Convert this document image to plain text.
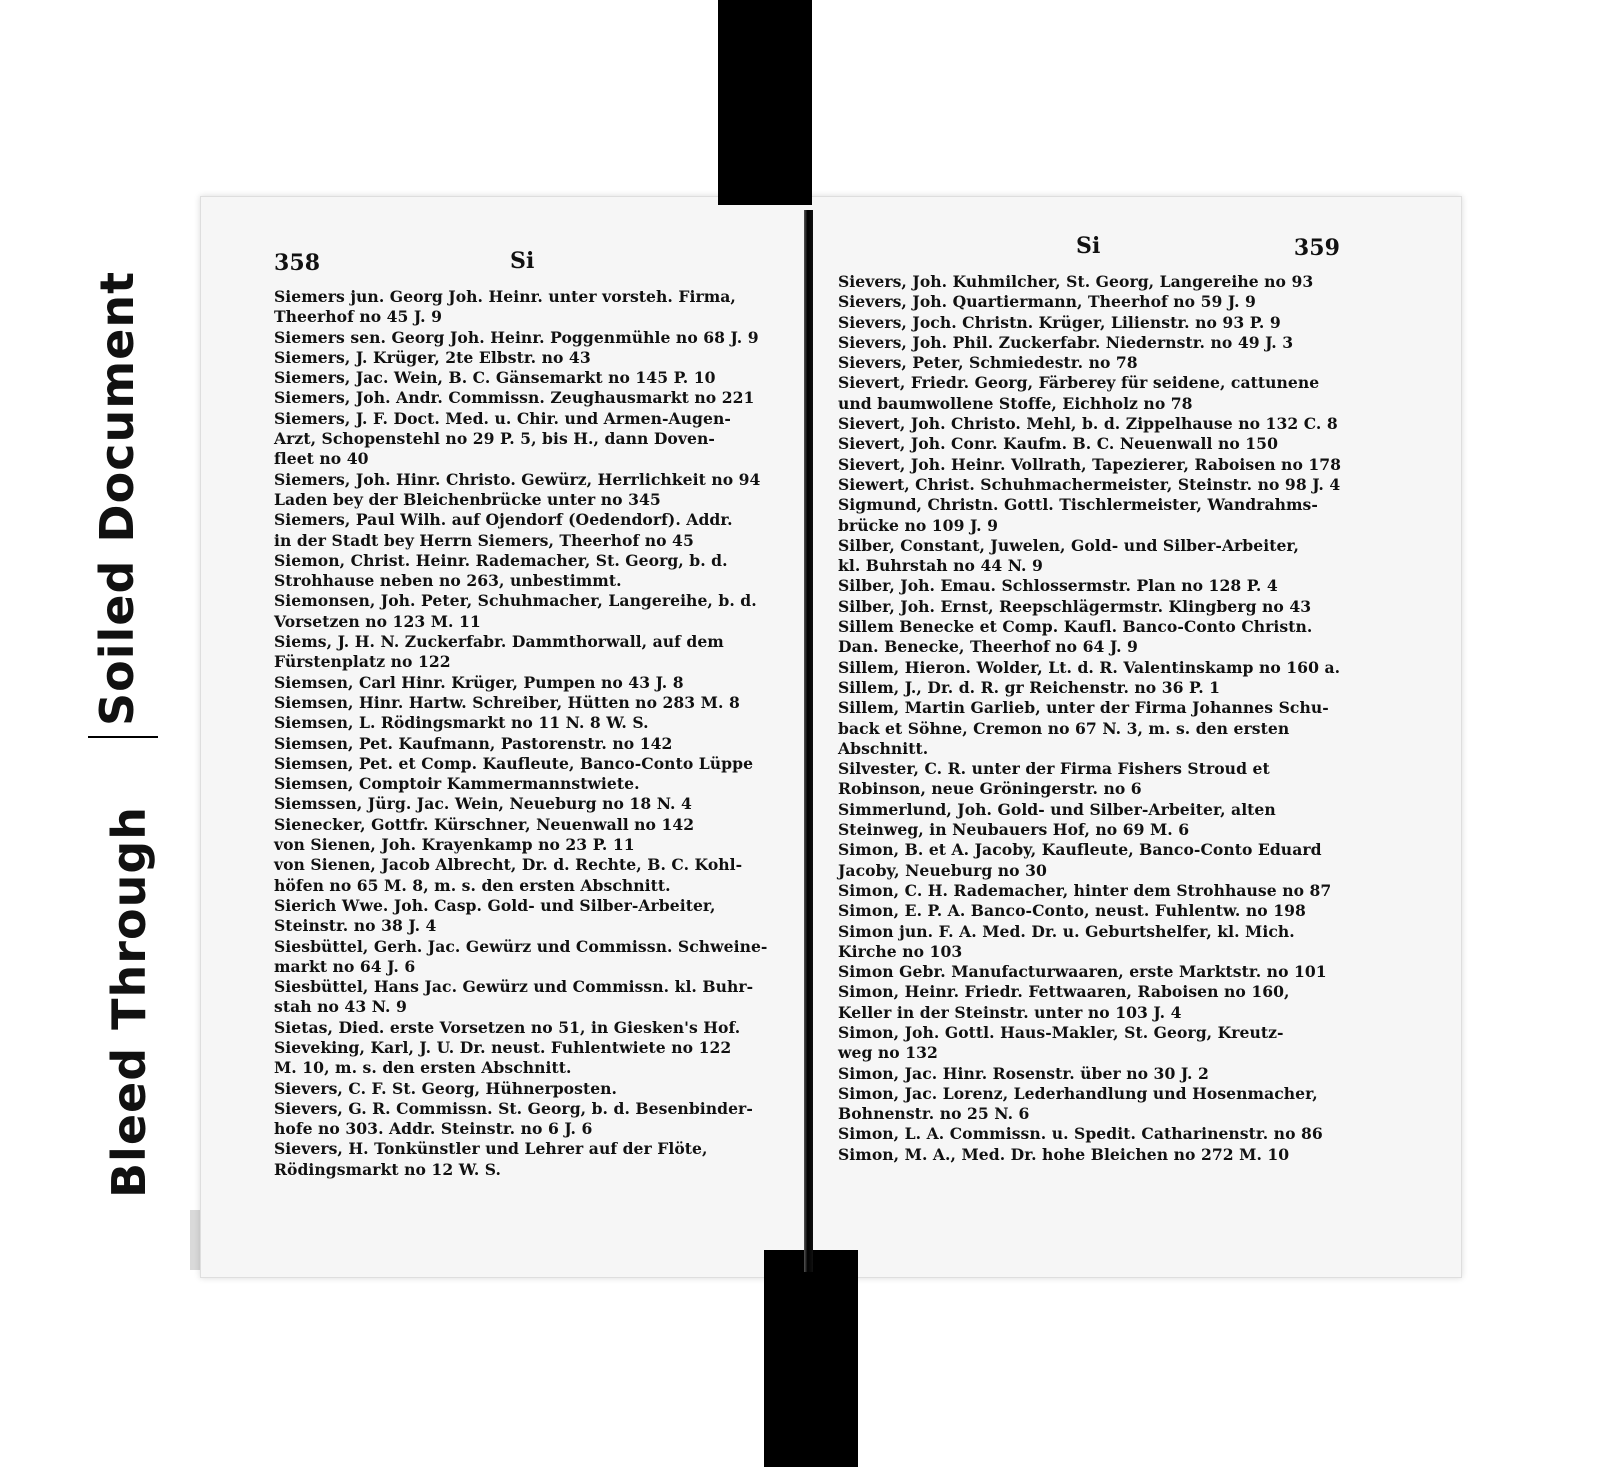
Bleed Through
Soiled Document
358	Si

Siemers jun. Georg Joh. Heinr. unter vorsteh. Firma,
Theerhof no 45 J. 9

Siemers sen. Georg Joh. Heinr. Poggenmühle no 68 J. 9

Siemers, J. Krüger, 2te Elbstr. no 43

Siemers, Jac. Wein, B. C. Gänsemarkt no 145 P. 10

Siemers, Joh. Andr. Commissn. Zeughausmarkt no 221

Siemers, J. F. Doct. Med. u. Chir. und Armen-Augen-
Arzt, Schopenstehl no 29 P. 5, bis H., dann Doven-
fleet no 40

Siemers, Joh. Hinr. Christo. Gewürz, Herrlichkeit no 94
Laden bey der Bleichenbrücke unter no 345

Siemers, Paul Wilh. auf Ojendorf (Oedendorf). Addr.
in der Stadt bey Herrn Siemers, Theerhof no 45

Siemon, Christ. Heinr. Rademacher, St. Georg, b. d.
Strohhause neben no 263, unbestimmt.

Siemonsen, Joh. Peter, Schuhmacher, Langereihe, b. d.
Vorsetzen no 123 M. 11

Siems, J. H. N. Zuckerfabr. Dammthorwall, auf dem
Fürstenplatz no 122

Siemsen, Carl Hinr. Krüger, Pumpen no 43 J. 8

Siemsen, Hinr. Hartw. Schreiber, Hütten no 283 M. 8

Siemsen, L. Rödingsmarkt no 11 N. 8 W. S.

Siemsen, Pet. Kaufmann, Pastorenstr. no 142

Siemsen, Pet. et Comp. Kaufleute, Banco-Conto Lüppe
Siemsen, Comptoir Kammermannstwiete.

Siemssen, Jürg. Jac. Wein, Neueburg no 18 N. 4

Sienecker, Gottfr. Kürschner, Neuenwall no 142

von Sienen, Joh. Krayenkamp no 23 P. 11

von Sienen, Jacob Albrecht, Dr. d. Rechte, B. C. Kohl-
höfen no 65 M. 8, m. s. den ersten Abschnitt.

Sierich Wwe. Joh. Casp. Gold- und Silber-Arbeiter,
Steinstr. no 38 J. 4

Siesbüttel, Gerh. Jac. Gewürz und Commissn. Schweine-
markt no 64 J. 6

Siesbüttel, Hans Jac. Gewürz und Commissn. kl. Buhr-
stah no 43 N. 9

Sietas, Died. erste Vorsetzen no 51, in Giesken's Hof.

Sieveking, Karl, J. U. Dr. neust. Fuhlentwiete no 122
M. 10, m. s. den ersten Abschnitt.

Sievers, C. F. St. Georg, Hühnerposten.

Sievers, G. R. Commissn. St. Georg, b. d. Besenbinder-
hofe no 303. Addr. Steinstr. no 6 J. 6

Sievers, H. Tonkünstler und Lehrer auf der Flöte,
Rödingsmarkt no 12 W. S.

Si	359

Sievers, Joh. Kuhmilcher, St. Georg, Langereihe no 93

Sievers, Joh. Quartiermann, Theerhof no 59 J. 9

Sievers, Joch. Christn. Krüger, Lilienstr. no 93 P. 9

Sievers, Joh. Phil. Zuckerfabr. Niedernstr. no 49 J. 3

Sievers, Peter, Schmiedestr. no 78

Sievert, Friedr. Georg, Färberey für seidene, cattunene
und baumwollene Stoffe, Eichholz no 78

Sievert, Joh. Christo. Mehl, b. d. Zippelhause no 132 C. 8

Sievert, Joh. Conr. Kaufm. B. C. Neuenwall no 150

Sievert, Joh. Heinr. Vollrath, Tapezierer, Raboisen no 178

Siewert, Christ. Schuhmachermeister, Steinstr. no 98 J. 4

Sigmund, Christn. Gottl. Tischlermeister, Wandrahms-
brücke no 109 J. 9

Silber, Constant, Juwelen, Gold- und Silber-Arbeiter,
kl. Buhrstah no 44 N. 9

Silber, Joh. Emau. Schlossermstr. Plan no 128 P. 4

Silber, Joh. Ernst, Reepschlägermstr. Klingberg no 43

Sillem Benecke et Comp. Kaufl. Banco-Conto Christn.
Dan. Benecke, Theerhof no 64 J. 9

Sillem, Hieron. Wolder, Lt. d. R. Valentinskamp no 160 a.

Sillem, J., Dr. d. R. gr Reichenstr. no 36 P. 1

Sillem, Martin Garlieb, unter der Firma Johannes Schu-
back et Söhne, Cremon no 67 N. 3, m. s. den ersten
Abschnitt.

Silvester, C. R. unter der Firma Fishers Stroud et
Robinson, neue Gröningerstr. no 6

Simmerlund, Joh. Gold- und Silber-Arbeiter, alten
Steinweg, in Neubauers Hof, no 69 M. 6

Simon, B. et A. Jacoby, Kaufleute, Banco-Conto Eduard
Jacoby, Neueburg no 30

Simon, C. H. Rademacher, hinter dem Strohhause no 87

Simon, E. P. A. Banco-Conto, neust. Fuhlentw. no 198

Simon jun. F. A. Med. Dr. u. Geburtshelfer, kl. Mich.
Kirche no 103

Simon Gebr. Manufacturwaaren, erste Marktstr. no 101

Simon, Heinr. Friedr. Fettwaaren, Raboisen no 160,
Keller in der Steinstr. unter no 103 J. 4

Simon, Joh. Gottl. Haus-Makler, St. Georg, Kreutz-
weg no 132

Simon, Jac. Hinr. Rosenstr. über no 30 J. 2

Simon, Jac. Lorenz, Lederhandlung und Hosenmacher,
Bohnenstr. no 25 N. 6

Simon, L. A. Commissn. u. Spedit. Catharinenstr. no 86

Simon, M. A., Med. Dr. hohe Bleichen no 272 M. 10
